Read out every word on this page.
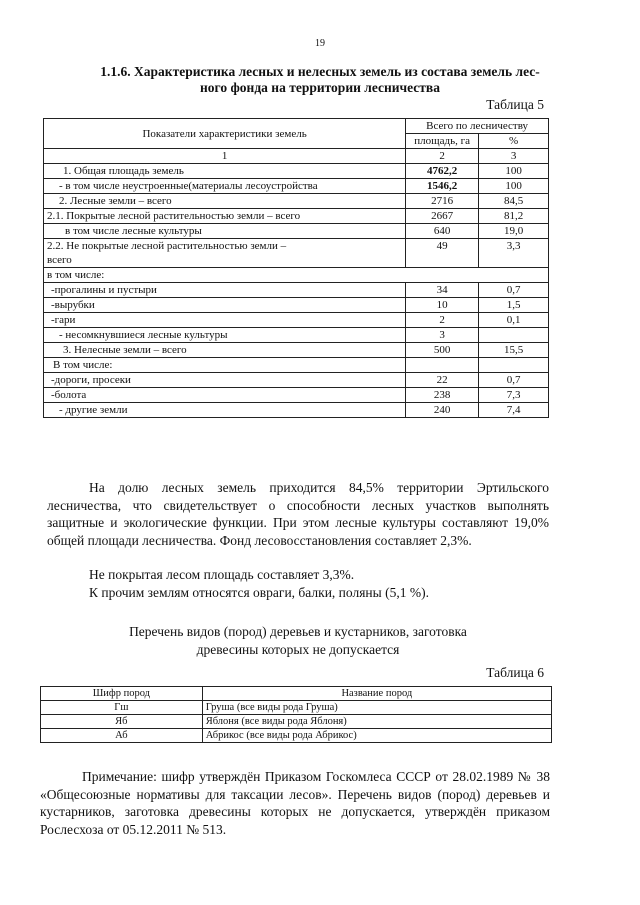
19
1.1.6. Характеристика лесных и нелесных земель из состава земель лес-
ного фонда на территории лесничества
Таблица 5
Показатели характеристики земель	Всего по лесничеству	
	площадь, га	%
1	2	3
1. Общая площадь земель	4762,2	100
- в том числе неустроенные(материалы лесоустройства	1546,2	100
2. Лесные земли – всего	2716	84,5
2.1. Покрытые лесной растительностью земли – всего	2667	81,2
в том числе лесные культуры	640	19,0
2.2. Не покрытые лесной растительностью земли –
всего	49	3,3
в том числе:		
-прогалины и пустыри	34	0,7
-вырубки	10	1,5
-гари	2	0,1
- несомкнувшиеся лесные культуры	3	
3. Нелесные земли – всего	500	15,5
В том числе:		
-дороги, просеки	22	0,7
-болота	238	7,3
- другие земли	240	7,4
На долю лесных земель приходится 84,5% территории Эртильского лесничества, что свидетельствует о способности лесных участков выполнять защитные и экологические функции. При этом лесные культуры составляют 19,0% общей площади лесничества. Фонд лесовосстановления составляет 2,3%.
Не покрытая лесом площадь составляет 3,3%.
К прочим землям относятся овраги, балки, поляны (5,1 %).
Перечень видов (пород) деревьев и кустарников, заготовка
древесины которых не допускается
Таблица 6
Шифр пород	Название пород
Гш	Груша (все виды рода Груша)
Яб	Яблоня (все виды рода Яблоня)
Аб	Абрикос (все виды рода Абрикос)
Примечание: шифр утверждён Приказом Госкомлеса СССР от 28.02.1989 № 38 «Общесоюзные нормативы для таксации лесов». Перечень видов (пород) деревьев и кустарников, заготовка древесины которых не допускается, утверждён приказом Рослесхоза от 05.12.2011 № 513.
